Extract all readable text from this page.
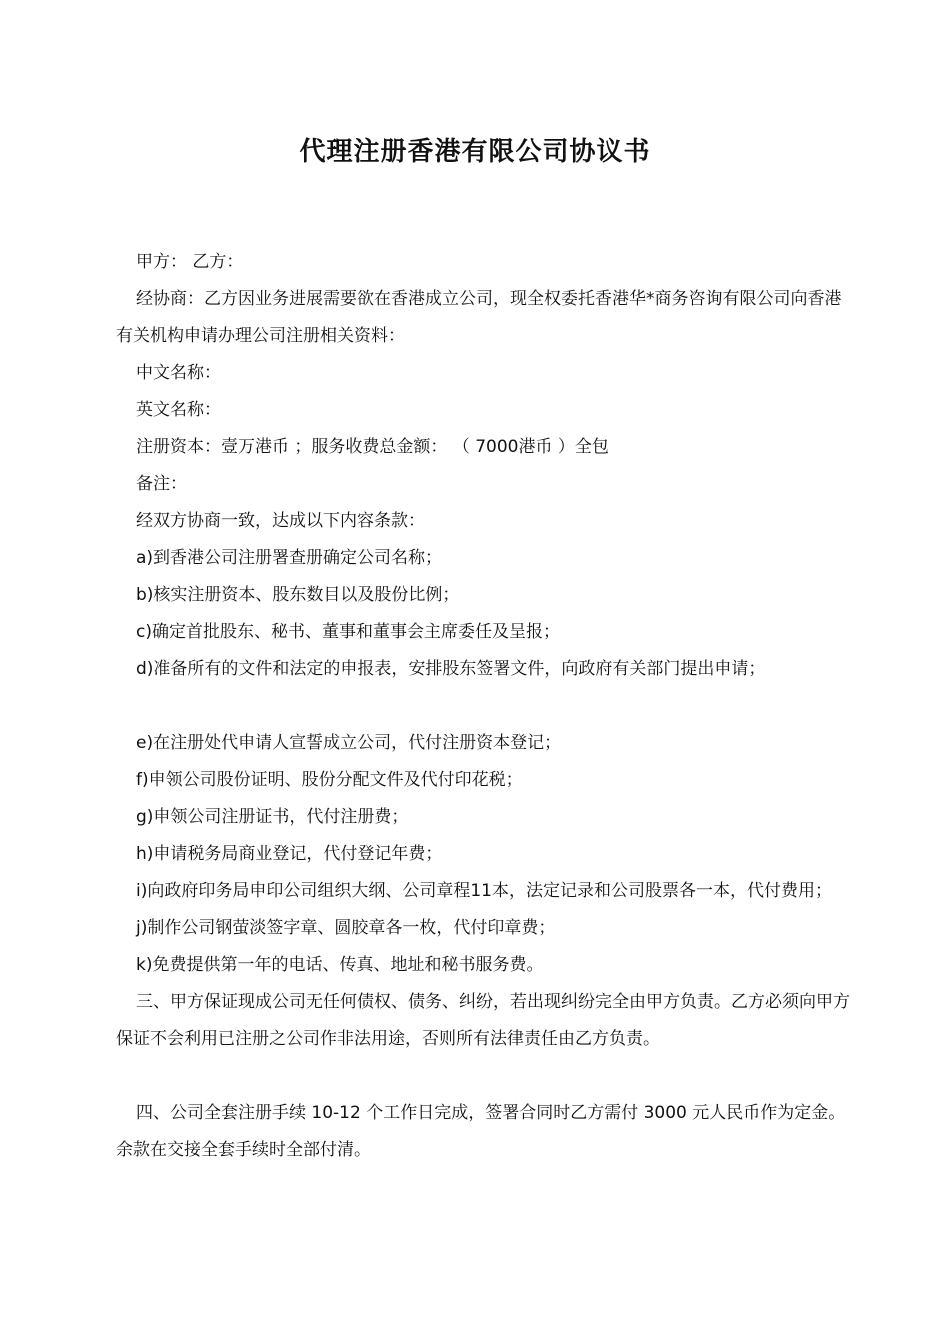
代理注册香港有限公司协议书

甲方： 乙方：

经协商：乙方因业务进展需要欲在香港成立公司，现全权委托香港华*商务咨询有限公司向香港有关机构申请办理公司注册相关资料：

中文名称：

英文名称：

注册资本：壹万港币 ；服务收费总金额： （ 7000港币 ）全包

备注：

经双方协商一致，达成以下内容条款：

a)到香港公司注册署查册确定公司名称；

b)核实注册资本、股东数目以及股份比例；

c)确定首批股东、秘书、董事和董事会主席委任及呈报；

d)准备所有的文件和法定的申报表，安排股东签署文件，向政府有关部门提出申请；

e)在注册处代申请人宣誓成立公司，代付注册资本登记；

f)申领公司股份证明、股份分配文件及代付印花税；

g)申领公司注册证书，代付注册费；

h)申请税务局商业登记，代付登记年费；

i)向政府印务局申印公司组织大纲、公司章程11本，法定记录和公司股票各一本，代付费用；

j)制作公司钢萤淡签字章、圆胶章各一枚，代付印章费；

k)免费提供第一年的电话、传真、地址和秘书服务费。

三、甲方保证现成公司无任何债权、债务、纠纷，若出现纠纷完全由甲方负责。乙方必须向甲方保证不会利用已注册之公司作非法用途，否则所有法律责任由乙方负责。

四、公司全套注册手续 10-12 个工作日完成，签署合同时乙方需付 3000 元人民币作为定金。余款在交接全套手续时全部付清。
